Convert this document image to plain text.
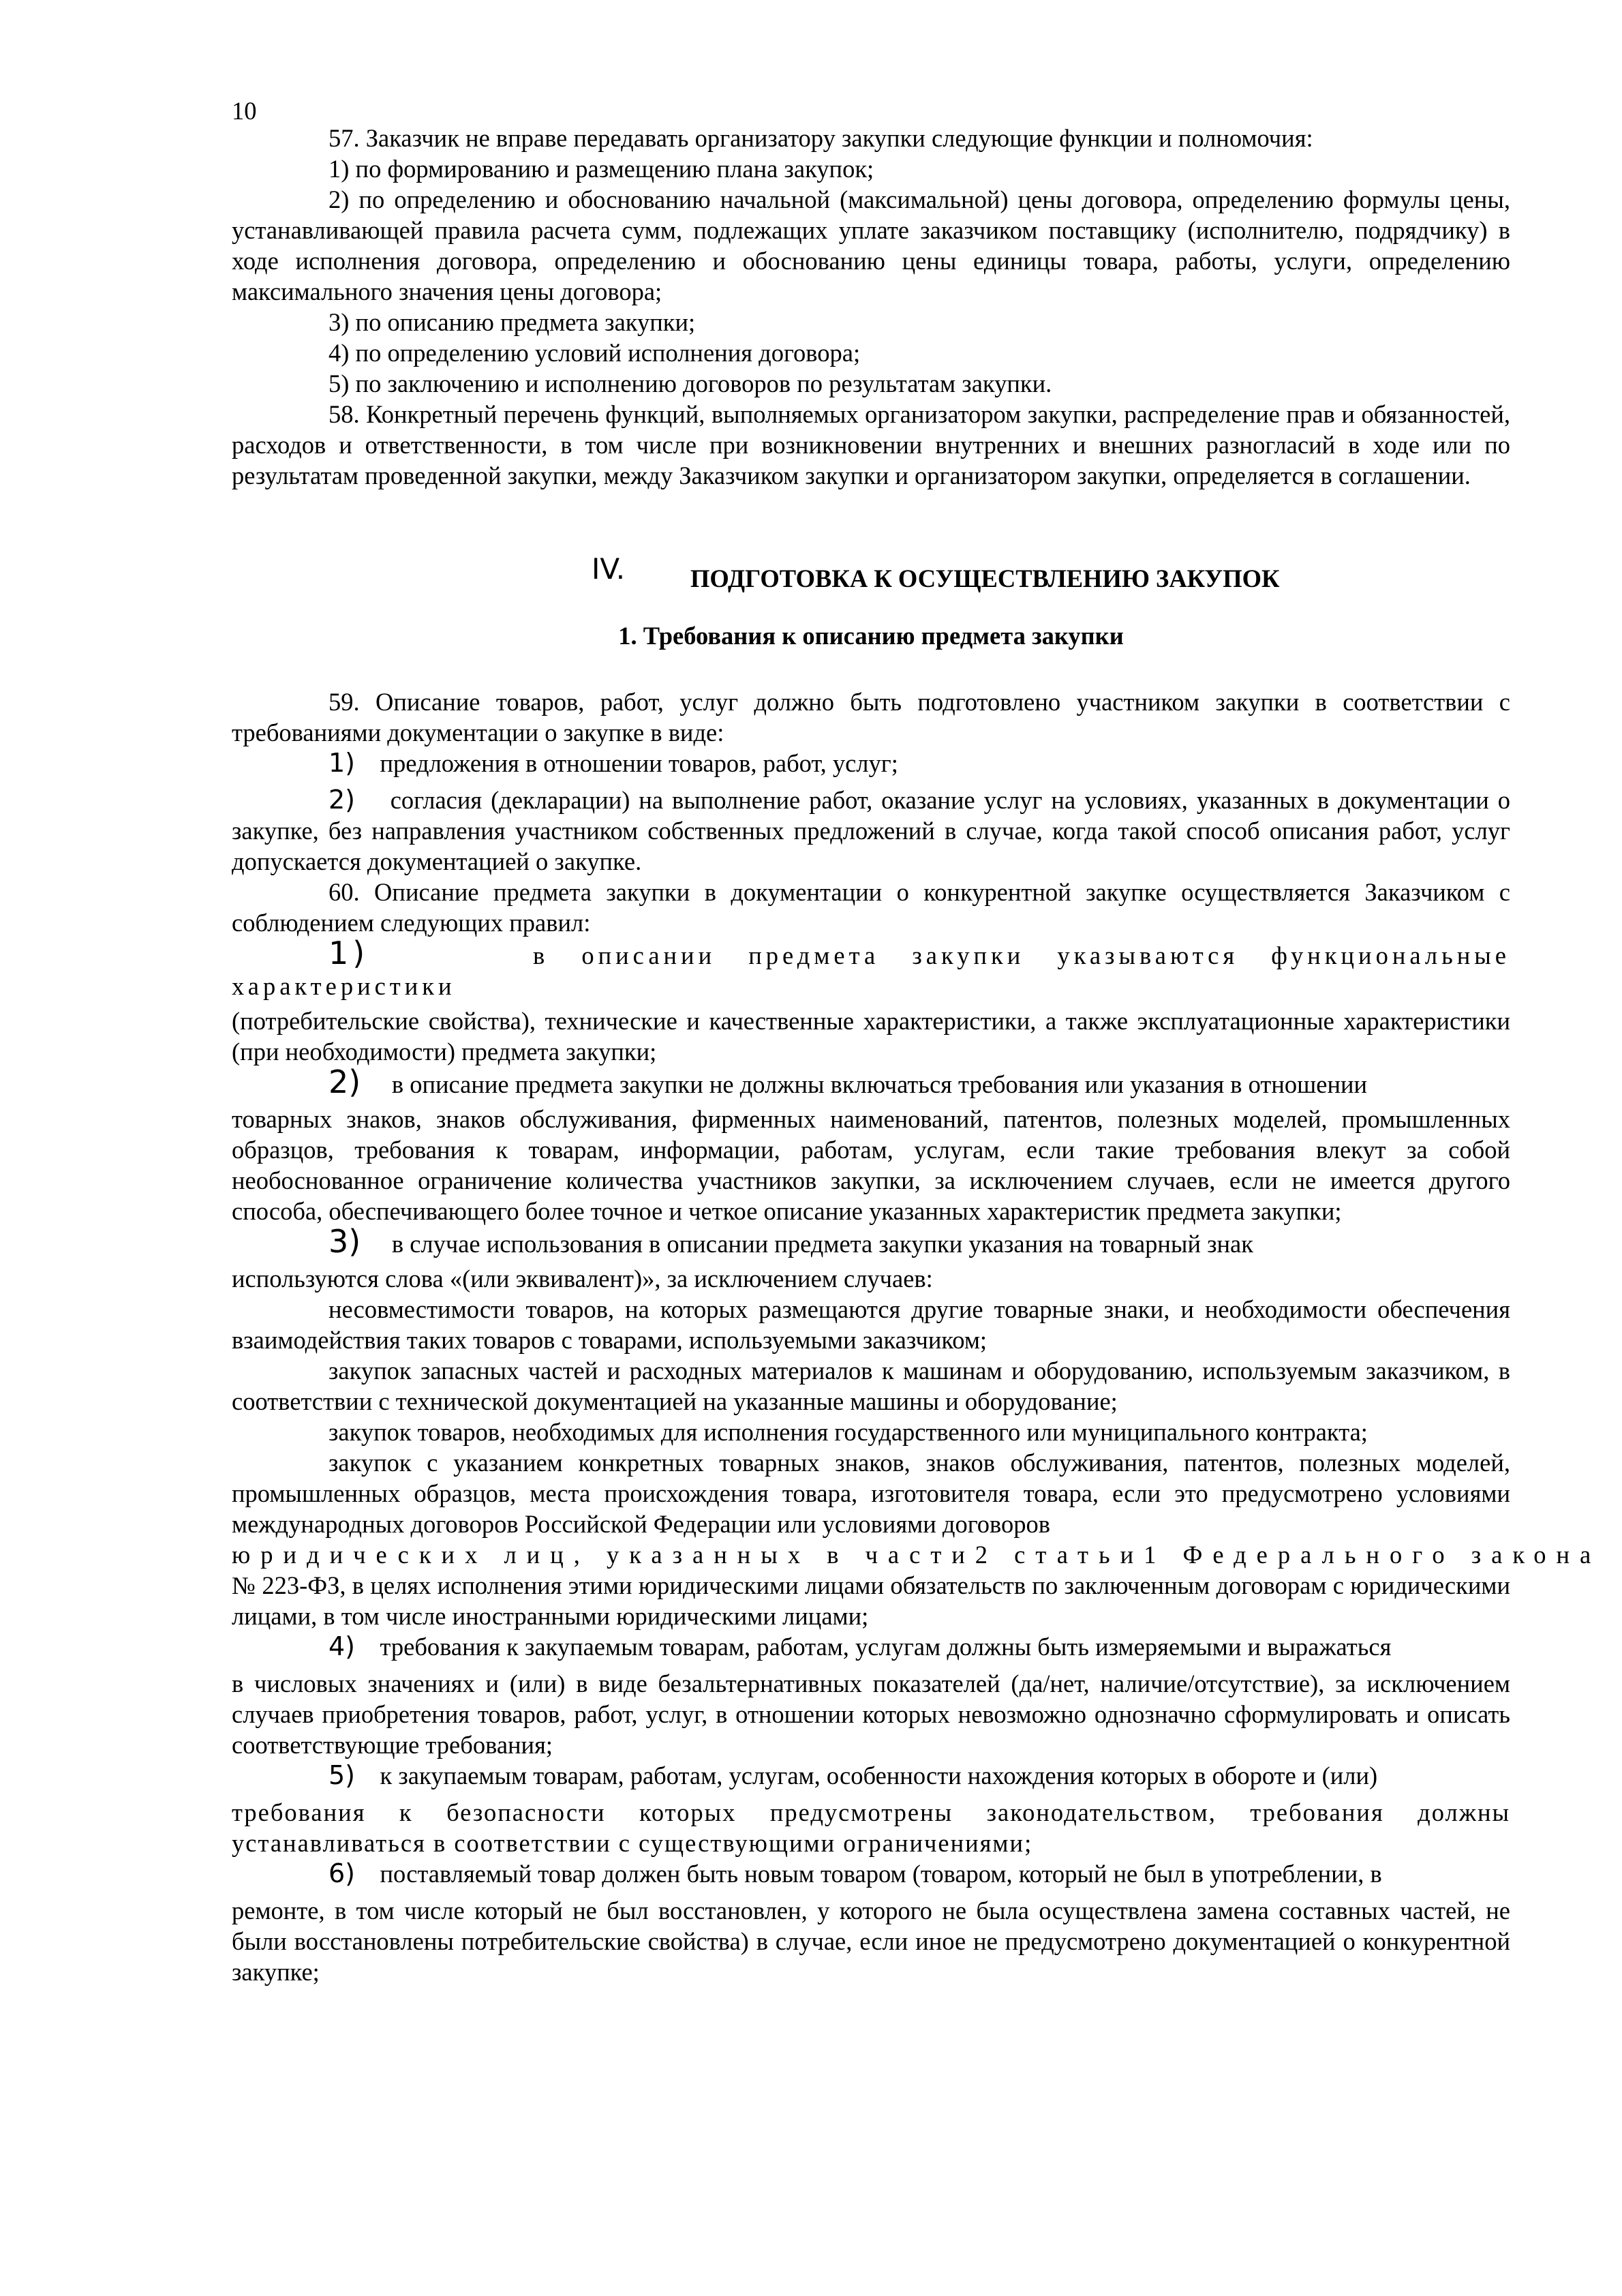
10

57. Заказчик не вправе передавать организатору закупки следующие функции и полномочия:

1) по формированию и размещению плана закупок;

2) по определению и обоснованию начальной (максимальной) цены договора, определению формулы цены, устанавливающей правила расчета сумм, подлежащих уплате заказчиком поставщику (исполнителю, подрядчику) в ходе исполнения договора, определению и обоснованию цены единицы товара, работы, услуги, определению максимального значения цены договора;

3) по описанию предмета закупки;

4) по определению условий исполнения договора;

5) по заключению и исполнению договоров по результатам закупки.

58. Конкретный перечень функций, выполняемых организатором закупки, распределение прав и обязанностей, расходов и ответственности, в том числе при возникновении внутренних и внешних разногласий в ходе или по результатам проведенной закупки, между Заказчиком закупки и организатором закупки, определяется в соглашении.

IV.	ПОДГОТОВКА К ОСУЩЕСТВЛЕНИЮ ЗАКУПОК

1. Требования к описанию предмета закупки

59. Описание товаров, работ, услуг должно быть подготовлено участником закупки в соответствии с требованиями документации о закупке в виде:

1) предложения в отношении товаров, работ, услуг;

2) согласия (декларации) на выполнение работ, оказание услуг на условиях, указанных в документации о закупке, без направления участником собственных предложений в случае, когда такой способ описания работ, услуг допускается документацией о закупке.

60. Описание предмета закупки в документации о конкурентной закупке осуществляется Заказчиком с соблюдением следующих правил:

1)	в описании предмета закупки указываются функциональные характеристики

(потребительские свойства), технические и качественные характеристики, а также эксплуатационные характеристики (при необходимости) предмета закупки;

2) в описание предмета закупки не должны включаться требования или указания в отношении

товарных знаков, знаков обслуживания, фирменных наименований, патентов, полезных моделей, промышленных образцов, требования к товарам, информации, работам, услугам, если такие требования влекут за собой необоснованное ограничение количества участников закупки, за исключением случаев, если не имеется другого способа, обеспечивающего более точное и четкое описание указанных характеристик предмета закупки;

3) в случае использования в описании предмета закупки указания на товарный знак

используются слова «(или эквивалент)», за исключением случаев:

несовместимости товаров, на которых размещаются другие товарные знаки, и необходимости обеспечения взаимодействия таких товаров с товарами, используемыми заказчиком;

закупок запасных частей и расходных материалов к машинам и оборудованию, используемым заказчиком, в соответствии с технической документацией на указанные машины и оборудование;

закупок товаров, необходимых для исполнения государственного или муниципального контракта;

закупок с указанием конкретных товарных знаков, знаков обслуживания, патентов, полезных моделей, промышленных образцов, места происхождения товара, изготовителя товара, если это предусмотрено условиями международных договоров Российской Федерации или условиями договоров

юридических лиц, указанных в части2 статьи1 Федерального закона

№ 223-ФЗ, в целях исполнения этими юридическими лицами обязательств по заключенным договорам с юридическими лицами, в том числе иностранными юридическими лицами;

4) требования к закупаемым товарам, работам, услугам должны быть измеряемыми и выражаться

в числовых значениях и (или) в виде безальтернативных показателей (да/нет, наличие/отсутствие), за исключением случаев приобретения товаров, работ, услуг, в отношении которых невозможно однозначно сформулировать и описать соответствующие требования;

5) к закупаемым товарам, работам, услугам, особенности нахождения которых в обороте и (или)

требования к безопасности которых предусмотрены законодательством, требования должны устанавливаться в соответствии с существующими ограничениями;

6) поставляемый товар должен быть новым товаром (товаром, который не был в употреблении, в

ремонте, в том числе который не был восстановлен, у которого не была осуществлена замена составных частей, не были восстановлены потребительские свойства) в случае, если иное не предусмотрено документацией о конкурентной закупке;
